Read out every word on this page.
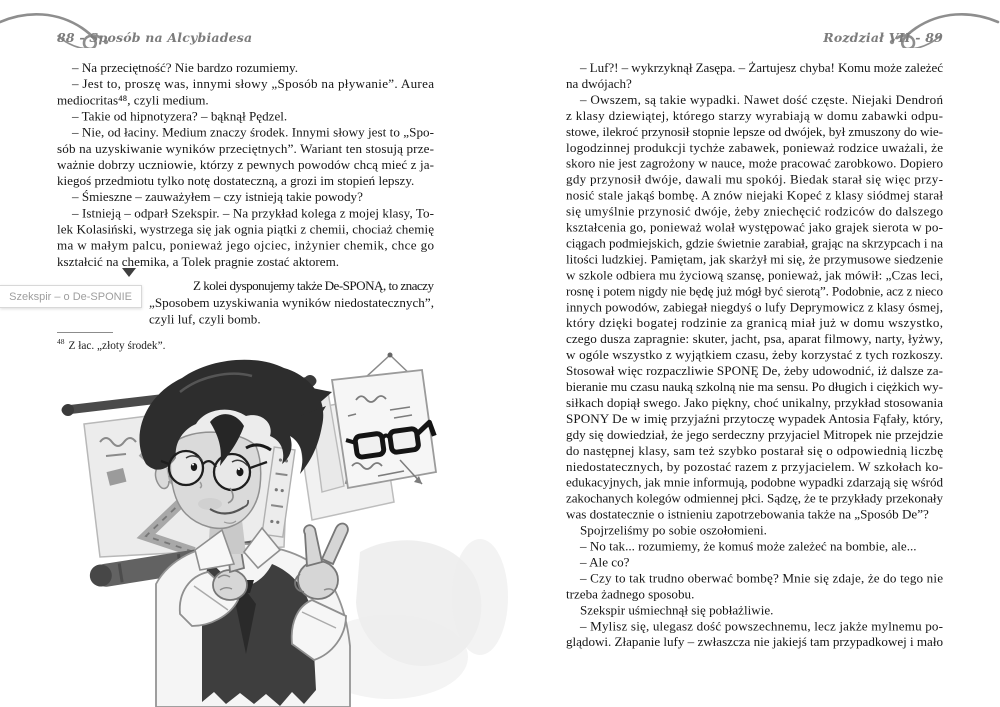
88 - Sposób na Alcybiadesa	Rozdział VII - 89
– Na przeciętność? Nie bardzo rozumiemy.
– Jest to, proszę was, innymi słowy „Sposób na pływanie”. Aurea
mediocritas⁴⁸, czyli medium.
– Takie od hipnotyzera? – bąknął Pędzel.
– Nie, od łaciny. Medium znaczy środek. Innymi słowy jest to „Spo-
sób na uzyskiwanie wyników przeciętnych”. Wariant ten stosują prze-
ważnie dobrzy uczniowie, którzy z pewnych powodów chcą mieć z ja-
kiegoś przedmiotu tylko notę dostateczną, a grozi im stopień lepszy.
– Śmieszne – zauważyłem – czy istnieją takie powody?
– Istnieją – odparł Szekspir. – Na przykład kolega z mojej klasy, To-
lek Kolasiński, wystrzega się jak ognia piątki z chemii, chociaż chemię
ma w małym palcu, ponieważ jego ojciec, inżynier chemik, chce go
kształcić na chemika, a Tolek pragnie zostać aktorem.
Z kolei dysponujemy także De-SPONĄ, to znaczy
„Sposobem uzyskiwania wyników niedostatecznych”,
czyli luf, czyli bomb.
– Luf?! – wykrzyknął Zasępa. – Żartujesz chyba! Komu może zależeć
na dwójach?
– Owszem, są takie wypadki. Nawet dość częste. Niejaki Dendroń
z klasy dziewiątej, którego starzy wyrabiają w domu zabawki odpu-
stowe, ilekroć przynosił stopnie lepsze od dwójek, był zmuszony do wie-
logodzinnej produkcji tychże zabawek, ponieważ rodzice uważali, że
skoro nie jest zagrożony w nauce, może pracować zarobkowo. Dopiero
gdy przynosił dwóje, dawali mu spokój. Biedak starał się więc przy-
nosić stale jakąś bombę. A znów niejaki Kopeć z klasy siódmej starał
się umyślnie przynosić dwóje, żeby zniechęcić rodziców do dalszego
kształcenia go, ponieważ wolał występować jako grajek sierota w po-
ciągach podmiejskich, gdzie świetnie zarabiał, grając na skrzypcach i na
litości ludzkiej. Pamiętam, jak skarżył mi się, że przymusowe siedzenie
w szkole odbiera mu życiową szansę, ponieważ, jak mówił: „Czas leci,
rosnę i potem nigdy nie będę już mógł być sierotą”. Podobnie, acz z nieco
innych powodów, zabiegał niegdyś o lufy Deprymowicz z klasy ósmej,
który dzięki bogatej rodzinie za granicą miał już w domu wszystko,
czego dusza zapragnie: skuter, jacht, psa, aparat filmowy, narty, łyżwy,
w ogóle wszystko z wyjątkiem czasu, żeby korzystać z tych rozkoszy.
Stosował więc rozpaczliwie SPONĘ De, żeby udowodnić, iż dalsze za-
bieranie mu czasu nauką szkolną nie ma sensu. Po długich i ciężkich wy-
siłkach dopiął swego. Jako piękny, choć unikalny, przykład stosowania
SPONY De w imię przyjaźni przytoczę wypadek Antosia Fąfały, który,
gdy się dowiedział, że jego serdeczny przyjaciel Mitropek nie przejdzie
do następnej klasy, sam też szybko postarał się o odpowiednią liczbę
niedostatecznych, by pozostać razem z przyjacielem. W szkołach ko-
edukacyjnych, jak mnie informują, podobne wypadki zdarzają się wśród
zakochanych kolegów odmiennej płci. Sądzę, że te przykłady przekonały
was dostatecznie o istnieniu zapotrzebowania także na „Sposób De”?
Spojrzeliśmy po sobie oszołomieni.
– No tak... rozumiemy, że komuś może zależeć na bombie, ale...
– Ale co?
– Czy to tak trudno oberwać bombę? Mnie się zdaje, że do tego nie
trzeba żadnego sposobu.
Szekspir uśmiechnął się pobłażliwie.
– Mylisz się, ulegasz dość powszechnemu, lecz jakże mylnemu po-
glądowi. Złapanie lufy – zwłaszcza nie jakiejś tam przypadkowej i mało
Szekspir – o De-SPONIE
$^{48}$ Z łac. „złoty środek”.
